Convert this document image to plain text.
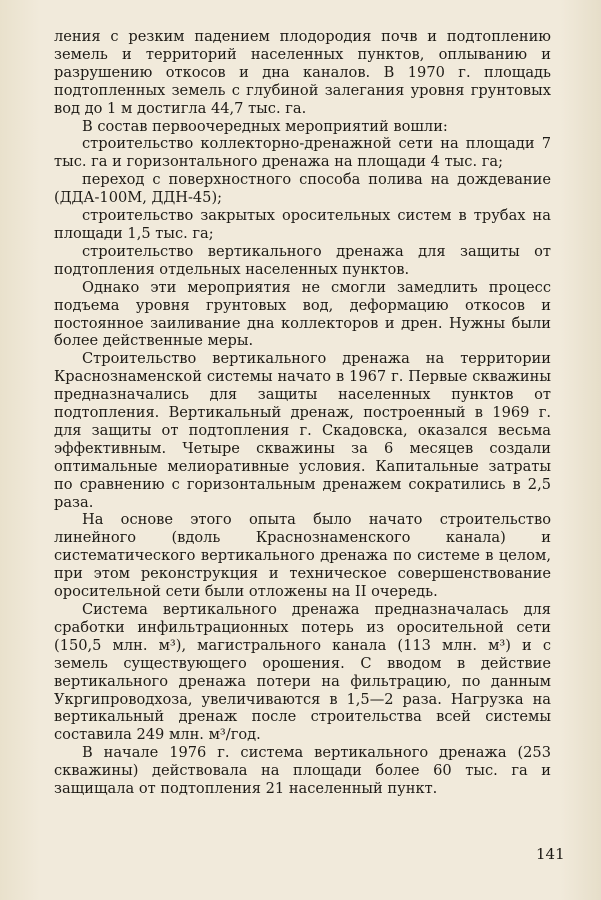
ления с резким падением плодородия почв и подтоплению земель и территорий населенных пунктов, оплыванию и разрушению откосов и дна каналов. В 1970 г. площадь подтопленных земель с глубиной залегания уровня грунтовых вод до 1 м достигла 44,7 тыс. га.

В состав первоочередных мероприятий вошли:

строительство коллекторно-дренажной сети на площади 7 тыс. га и горизонтального дренажа на площади 4 тыс. га;

переход с поверхностного способа полива на дождевание (ДДА-100М, ДДН-45);

строительство закрытых оросительных систем в трубах на площади 1,5 тыс. га;

строительство вертикального дренажа для защиты от подтопления отдельных населенных пунктов.

Однако эти мероприятия не смогли замедлить процесс подъема уровня грунтовых вод, деформацию откосов и постоянное заиливание дна коллекторов и дрен. Нужны были более действенные меры.

Строительство вертикального дренажа на территории Краснознаменской системы начато в 1967 г. Первые скважины предназначались для защиты населенных пунктов от подтопления. Вертикальный дренаж, построенный в 1969 г. для защиты от подтопления г. Скадовска, оказался весьма эффективным. Четыре скважины за 6 месяцев создали оптимальные мелиоративные условия. Капитальные затраты по сравнению с горизонтальным дренажем сократились в 2,5 раза.

На основе этого опыта было начато строительство линейного (вдоль Краснознаменского канала) и систематического вертикального дренажа по системе в целом, при этом реконструкция и техническое совершенствование оросительной сети были отложены на II очередь.

Система вертикального дренажа предназначалась для сработки инфильтрационных потерь из оросительной сети (150,5 млн. м³), магистрального канала (113 млн. м³) и с земель существующего орошения. С вводом в действие вертикального дренажа потери на фильтрацию, по данным Укргипроводхоза, увеличиваются в 1,5—2 раза. Нагрузка на вертикальный дренаж после строительства всей системы составила 249 млн. м³/год.

В начале 1976 г. система вертикального дренажа (253 скважины) действовала на площади более 60 тыс. га и защищала от подтопления 21 населенный пункт.

141
